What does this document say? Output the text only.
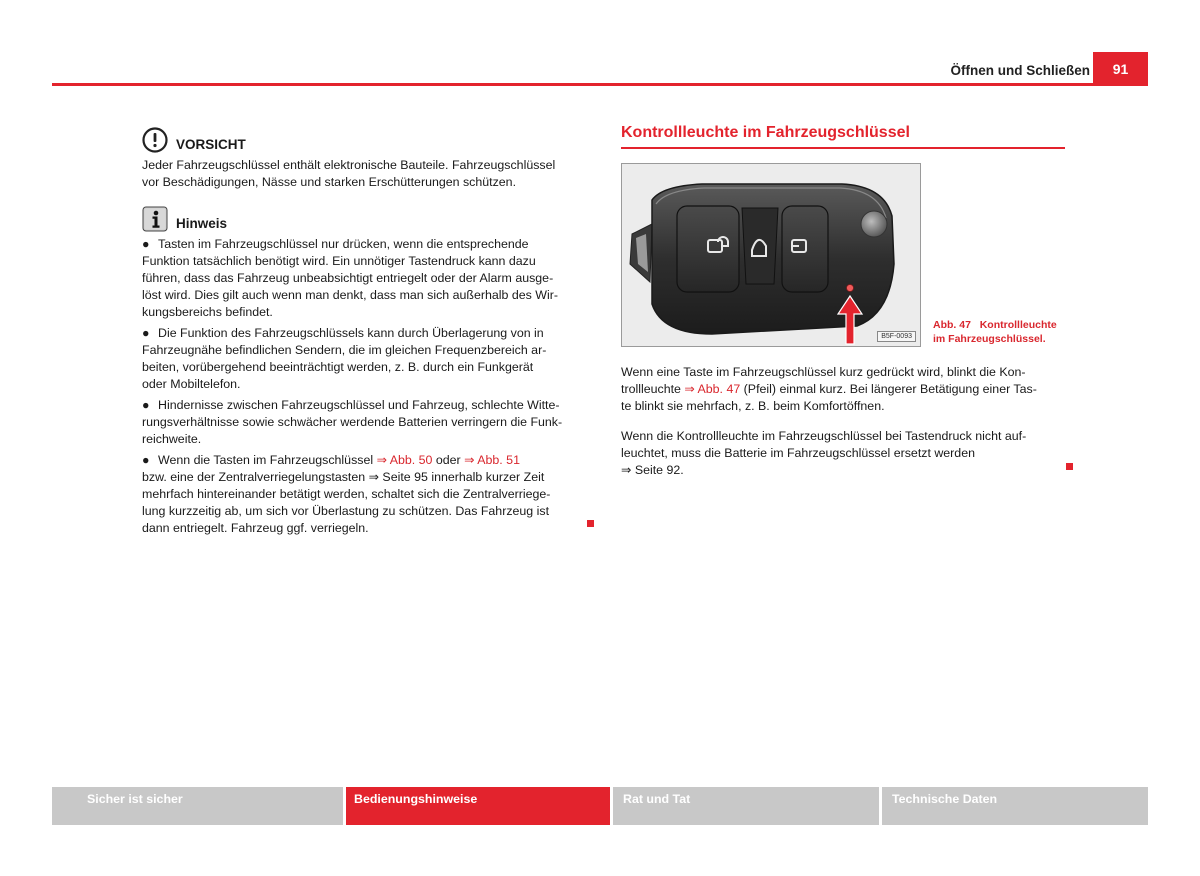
Öffnen und Schließen	91
VORSICHT

Jeder Fahrzeugschlüssel enthält elektronische Bauteile. Fahrzeugschlüssel

vor Beschädigungen, Nässe und starken Erschütterungen schützen.

Hinweis

● Tasten im Fahrzeugschlüssel nur drücken, wenn die entsprechende

Funktion tatsächlich benötigt wird. Ein unnötiger Tastendruck kann dazu

führen, dass das Fahrzeug unbeabsichtigt entriegelt oder der Alarm ausge-

löst wird. Dies gilt auch wenn man denkt, dass man sich außerhalb des Wir-

kungsbereichs befindet.

● Die Funktion des Fahrzeugschlüssels kann durch Überlagerung von in

Fahrzeugnähe befindlichen Sendern, die im gleichen Frequenzbereich ar-

beiten, vorübergehend beeinträchtigt werden, z. B. durch ein Funkgerät

oder Mobiltelefon.

● Hindernisse zwischen Fahrzeugschlüssel und Fahrzeug, schlechte Witte-

rungsverhältnisse sowie schwächer werdende Batterien verringern die Funk-

reichweite.

● Wenn die Tasten im Fahrzeugschlüssel ⇒ Abb. 50 oder ⇒ Abb. 51

bzw. eine der Zentralverriegelungstasten ⇒ Seite 95 innerhalb kurzer Zeit

mehrfach hintereinander betätigt werden, schaltet sich die Zentralverriege-

lung kurzzeitig ab, um sich vor Überlastung zu schützen. Das Fahrzeug ist

dann entriegelt. Fahrzeug ggf. verriegeln.

Kontrollleuchte im Fahrzeugschlüssel
B5F-0093
Abb. 47 Kontrollleuchte
im Fahrzeugschlüssel.

Wenn eine Taste im Fahrzeugschlüssel kurz gedrückt wird, blinkt die Kon-

trollleuchte ⇒ Abb. 47 (Pfeil) einmal kurz. Bei längerer Betätigung einer Tas-

te blinkt sie mehrfach, z. B. beim Komfortöffnen.

Wenn die Kontrollleuchte im Fahrzeugschlüssel bei Tastendruck nicht auf-

leuchtet, muss die Batterie im Fahrzeugschlüssel ersetzt werden

⇒ Seite 92.

Sicher ist sicher	Bedienungshinweise	Rat und Tat	Technische Daten
